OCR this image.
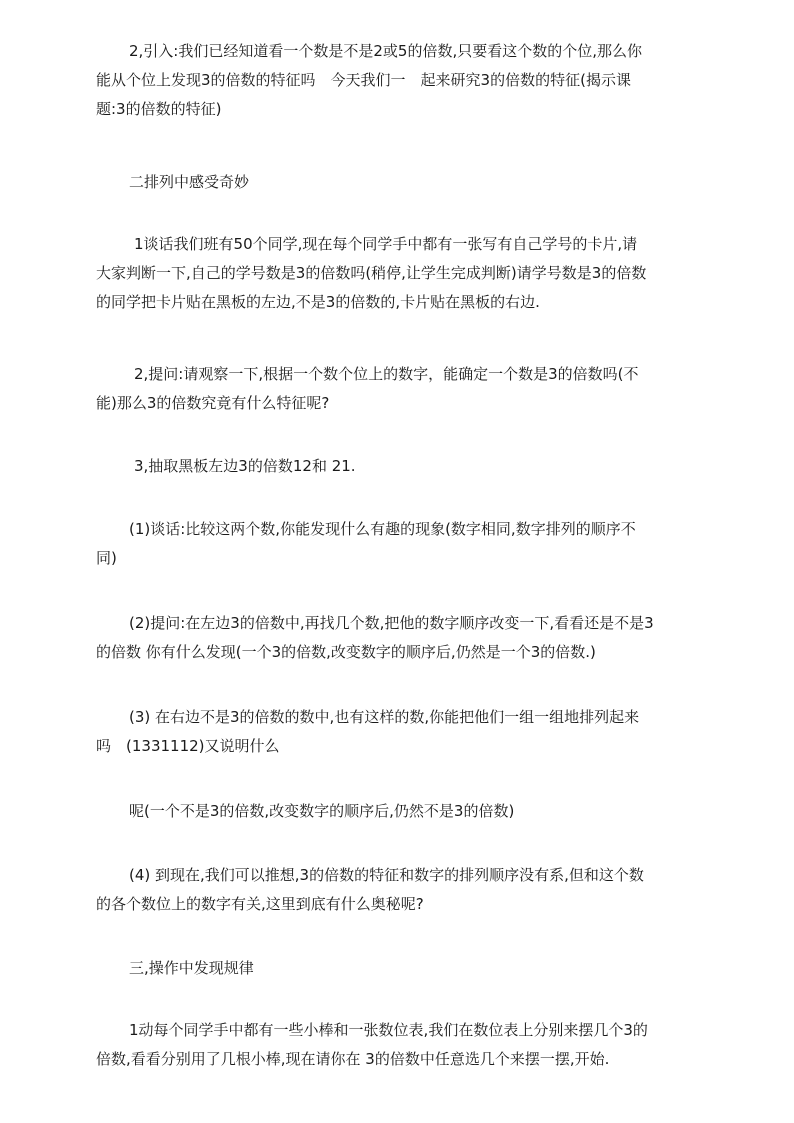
2,引入:我们已经知道看一个数是不是2或5的倍数,只要看这个数的个位,那么你
能从个位上发现3的倍数的特征吗　今天我们一　起来研究3的倍数的特征(揭示课
题:3的倍数的特征)

二排列中感受奇妙

1谈话我们班有50个同学,现在每个同学手中都有一张写有自己学号的卡片,请
大家判断一下,自己的学号数是3的倍数吗(稍停,让学生完成判断)请学号数是3的倍数
的同学把卡片贴在黑板的左边,不是3的倍数的,卡片贴在黑板的右边.

2,提问:请观察一下,根据一个数个位上的数字，能确定一个数是3的倍数吗(不
能)那么3的倍数究竟有什么特征呢?

3,抽取黑板左边3的倍数12和 21.

(1)谈话:比较这两个数,你能发现什么有趣的现象(数字相同,数字排列的顺序不
同)

(2)提问:在左边3的倍数中,再找几个数,把他的数字顺序改变一下,看看还是不是3
的倍数 你有什么发现(一个3的倍数,改变数字的顺序后,仍然是一个3的倍数.)

(3) 在右边不是3的倍数的数中,也有这样的数,你能把他们一组一组地排列起来
吗　(1331112)又说明什么

呢(一个不是3的倍数,改变数字的顺序后,仍然不是3的倍数)

(4) 到现在,我们可以推想,3的倍数的特征和数字的排列顺序没有系,但和这个数
的各个数位上的数字有关,这里到底有什么奥秘呢?

三,操作中发现规律

1动每个同学手中都有一些小棒和一张数位表,我们在数位表上分别来摆几个3的
倍数,看看分别用了几根小棒,现在请你在 3的倍数中任意选几个来摆一摆,开始.
